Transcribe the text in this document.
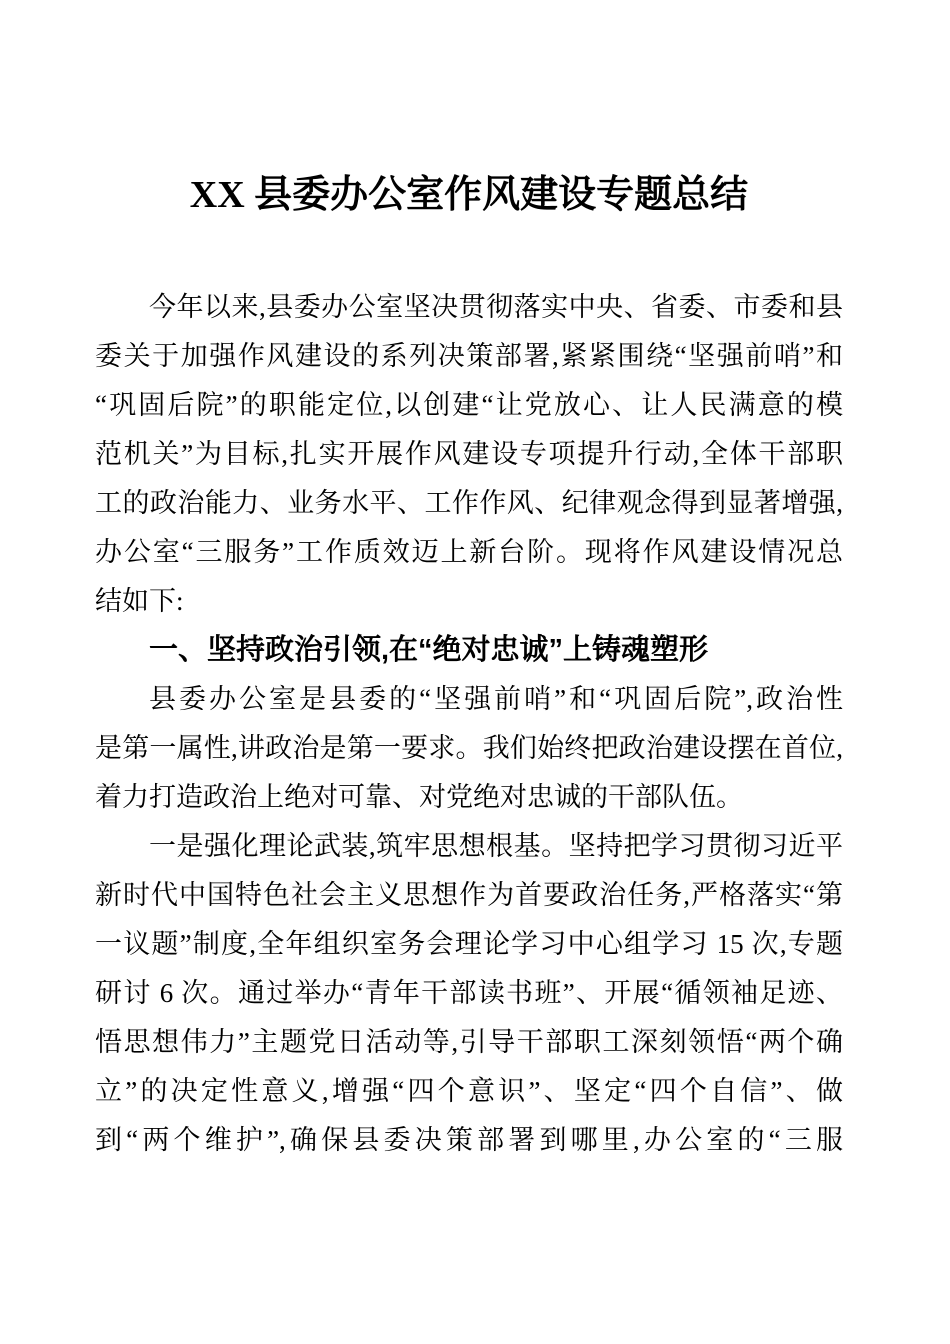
XX 县委办公室作风建设专题总结
今年以来,县委办公室坚决贯彻落实中央、省委、市委和县
委关于加强作风建设的系列决策部署,紧紧围绕“坚强前哨”和
“巩固后院”的职能定位,以创建“让党放心、让人民满意的模
范机关”为目标,扎实开展作风建设专项提升行动,全体干部职
工的政治能力、业务水平、工作作风、纪律观念得到显著增强,
办公室“三服务”工作质效迈上新台阶。现将作风建设情况总
结如下:
一、坚持政治引领,在“绝对忠诚”上铸魂塑形
县委办公室是县委的“坚强前哨”和“巩固后院”,政治性
是第一属性,讲政治是第一要求。我们始终把政治建设摆在首位,
着力打造政治上绝对可靠、对党绝对忠诚的干部队伍。
一是强化理论武装,筑牢思想根基。坚持把学习贯彻习近平
新时代中国特色社会主义思想作为首要政治任务,严格落实“第
一议题”制度,全年组织室务会理论学习中心组学习 15 次,专题
研讨 6 次。通过举办“青年干部读书班”、开展“循领袖足迹、
悟思想伟力”主题党日活动等,引导干部职工深刻领悟“两个确
立”的决定性意义,增强“四个意识”、坚定“四个自信”、做
到“两个维护”,确保县委决策部署到哪里,办公室的“三服
